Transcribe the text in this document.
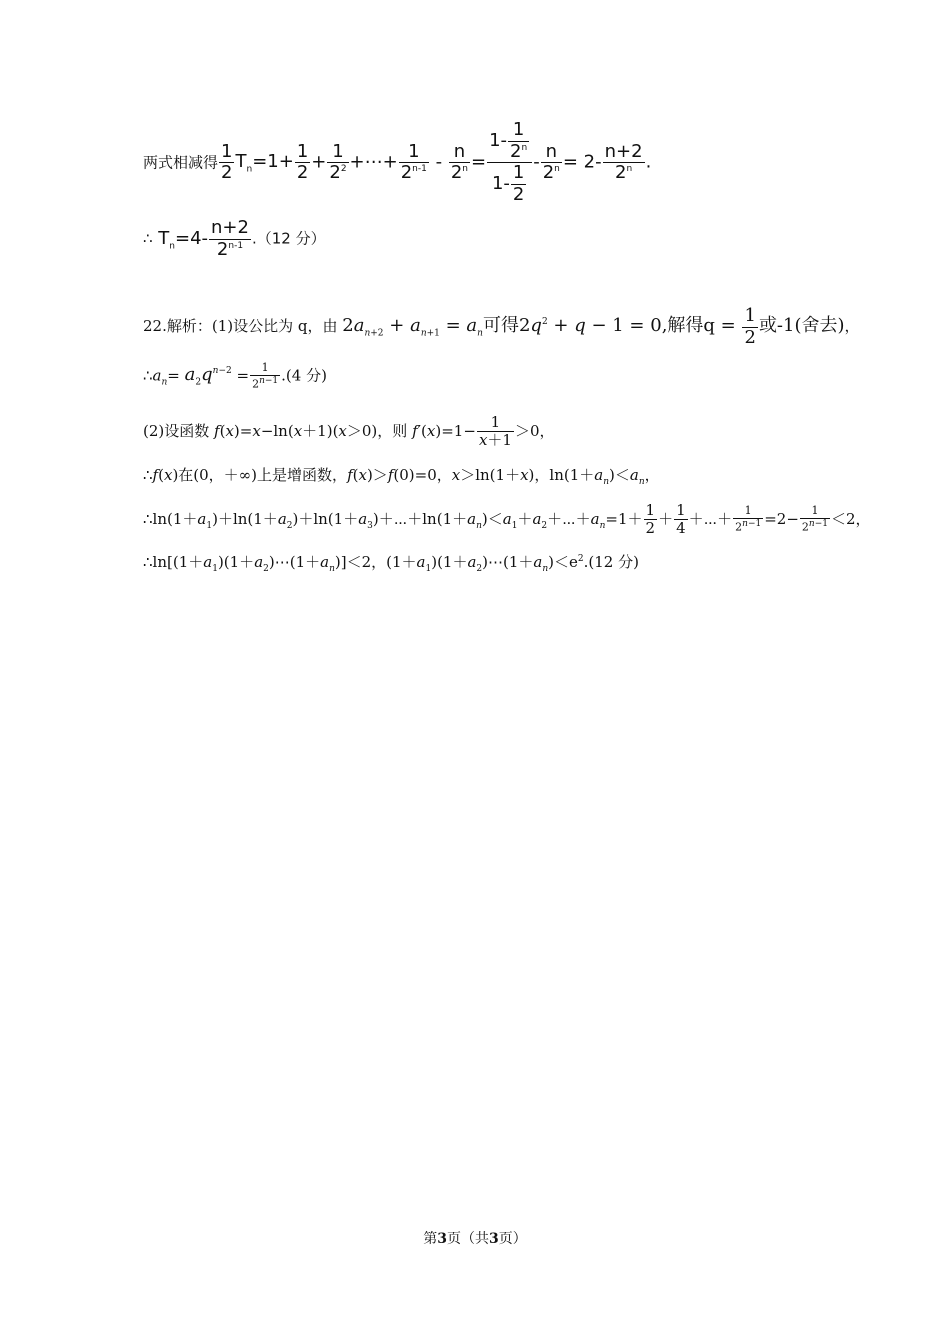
两式相减得 $\frac{1}{2} T_n=1+ \frac{1}{2} + \frac{1}{2^2}$ +⋯+ $\frac{1}{2^{n-1}} - \frac{n}{2^n} = \frac{1- \frac{1}{2^n}}{1- \frac{1}{2}} - \frac{n}{2^n} = 2- \frac{n+2}{2^n}$ .
∴ $T_n=4- \frac{n+2}{2^{n-1}} .(12$ 分）
22.解析：(1)设公比为 q，由 $2a_{n+2} + a_{n+1} = a_n$可得$2q^2 + q - 1 = 0$,解得$q = \frac{1}{2}$ 或-1(舍去)，
$\therefore a_n= a_2q^{n-2} = \frac{1}{2^{n-1}} .(4$ 分)
(2)设函数 f(x)=x−ln(x＋1)(x＞0)，则 $f'(x)=1- \frac{1}{x+1} >0$，
∴f(x)在(0，＋∞)上是增函数，f(x)＞f(0)=0，x＞ln(1＋x)，$\ln(1+a_n)<a_n$，
$\therefore\ln(1+a_1)+\ln(1+a_2)+\ln(1+a_3)+\cdots+\ln(1+a_n)<a_1+a_2+\cdots+a_n=1+ \frac{1}{2} + \frac{1}{4}$ ＋⋯＋ $\frac{1}{2^{n-1}} =2- \frac{1}{2^{n-1}} <2$，
$\therefore\ln[(1+a_1)(1+a_2)\cdots(1+a_n)]<2$，$(1+a_1)(1+a_2)\cdots(1+a_n)<e^2.(12$ 分)
第3页（共3页）
